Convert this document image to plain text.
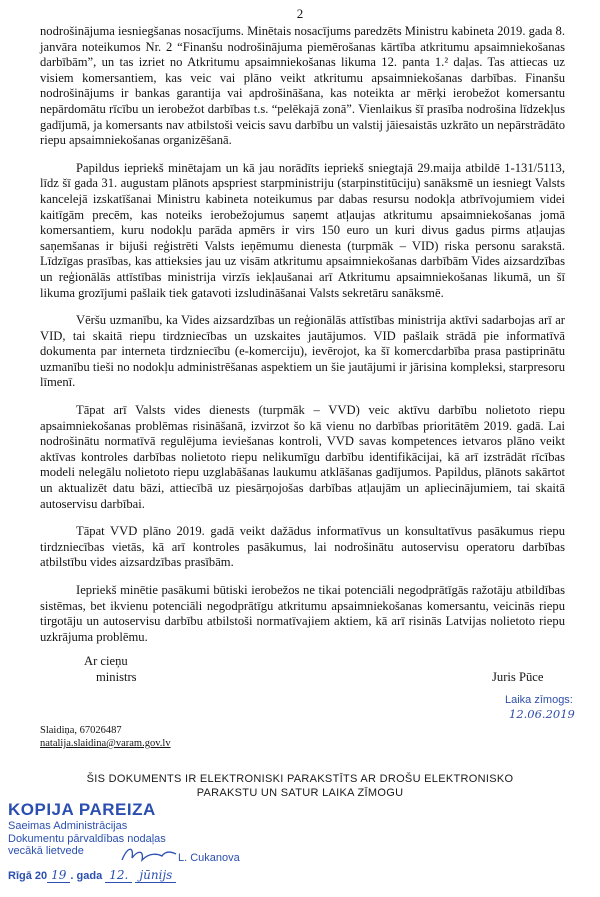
2

nodrošinājuma iesniegšanas nosacījums. Minētais nosacījums paredzēts Ministru kabineta 2019. gada 8. janvāra noteikumos Nr. 2 “Finanšu nodrošinājuma piemērošanas kārtība atkritumu apsaimniekošanas darbībām”, un tas izriet no Atkritumu apsaimniekošanas likuma 12. panta 1.² daļas. Tas attiecas uz visiem komersantiem, kas veic vai plāno veikt atkritumu apsaimniekošanas darbības. Finanšu nodrošinājums ir bankas garantija vai apdrošināšana, kas noteikta ar mērķi ierobežot komersantu nepārdomātu rīcību un ierobežot darbības t.s. “pelēkajā zonā”. Vienlaikus šī prasība nodrošina līdzekļus gadījumā, ja komersants nav atbilstoši veicis savu darbību un valstij jāiesaistās uzkrāto un nepārstrādāto riepu apsaimniekošanas organizēšanā.

Papildus iepriekš minētajam un kā jau norādīts iepriekš sniegtajā 29.maija atbildē 1-131/5113, līdz šī gada 31. augustam plānots apspriest starpministriju (starpinstitūciju) sanāksmē un iesniegt Valsts kancelejā izskatīšanai Ministru kabineta noteikumus par dabas resursu nodokļa atbrīvojumiem videi kaitīgām precēm, kas noteiks ierobežojumus saņemt atļaujas atkritumu apsaimniekošanas jomā komersantiem, kuru nodokļu parāda apmērs ir virs 150 euro un kuri divus gadus pirms atļaujas saņemšanas ir bijuši reģistrēti Valsts ieņēmumu dienesta (turpmāk – VID) riska personu sarakstā. Līdzīgas prasības, kas attieksies jau uz visām atkritumu apsaimniekošanas darbībām Vides aizsardzības un reģionālās attīstības ministrija virzīs iekļaušanai arī Atkritumu apsaimniekošanas likumā, un šī likuma grozījumi pašlaik tiek gatavoti izsludināšanai Valsts sekretāru sanāksmē.

Vēršu uzmanību, ka Vides aizsardzības un reģionālās attīstības ministrija aktīvi sadarbojas arī ar VID, tai skaitā riepu tirdzniecības un uzskaites jautājumos. VID pašlaik strādā pie informatīvā dokumenta par interneta tirdzniecību (e-komerciju), ievērojot, ka šī komercdarbība prasa pastiprinātu uzmanību tieši no nodokļu administrēšanas aspektiem un šie jautājumi ir jārisina kompleksi, starpresoru līmenī.

Tāpat arī Valsts vides dienests (turpmāk – VVD) veic aktīvu darbību nolietoto riepu apsaimniekošanas problēmas risināšanā, izvirzot šo kā vienu no darbības prioritātēm 2019. gadā. Lai nodrošinātu normatīvā regulējuma ieviešanas kontroli, VVD savas kompetences ietvaros plāno veikt aktīvas kontroles darbības nolietoto riepu nelikumīgu darbību identifikācijai, kā arī izstrādāt rīcības modeli nelegālu nolietoto riepu uzglabāšanas laukumu atklāšanas gadījumos. Papildus, plānots sakārtot un aktualizēt datu bāzi, attiecībā uz piesārņojošas darbības atļaujām un apliecinājumiem, tai skaitā autoservisu darbībai.

Tāpat VVD plāno 2019. gadā veikt dažādus informatīvus un konsultatīvus pasākumus riepu tirdzniecības vietās, kā arī kontroles pasākumus, lai nodrošinātu autoservisu operatoru darbības atbilstību vides aizsardzības prasībām.

Iepriekš minētie pasākumi būtiski ierobežos ne tikai potenciāli negodprātīgās ražotāju atbildības sistēmas, bet ikvienu potenciāli negodprātīgu atkritumu apsaimniekošanas komersantu, veicinās riepu tirgotāju un autoservisu darbību atbilstoši normatīvajiem aktiem, kā arī risinās Latvijas nolietoto riepu uzkrājuma problēmu.

Ar cieņu
ministrs	Juris Pūce
Laika zīmogs:
12.06.2019
Slaidiņa, 67026487
natalija.slaidina@varam.gov.lv
ŠIS DOKUMENTS IR ELEKTRONISKI PARAKSTĪTS AR DROŠU ELEKTRONISKO
PARAKSTU UN SATUR LAIKA ZĪMOGU
KOPIJA PAREIZA
Saeimas Administrācijas
Dokumentu pārvaldības nodaļas
vecākā lietvede
L. Cukanova
Rīgā 20 19 . gada 12. jūnijs
